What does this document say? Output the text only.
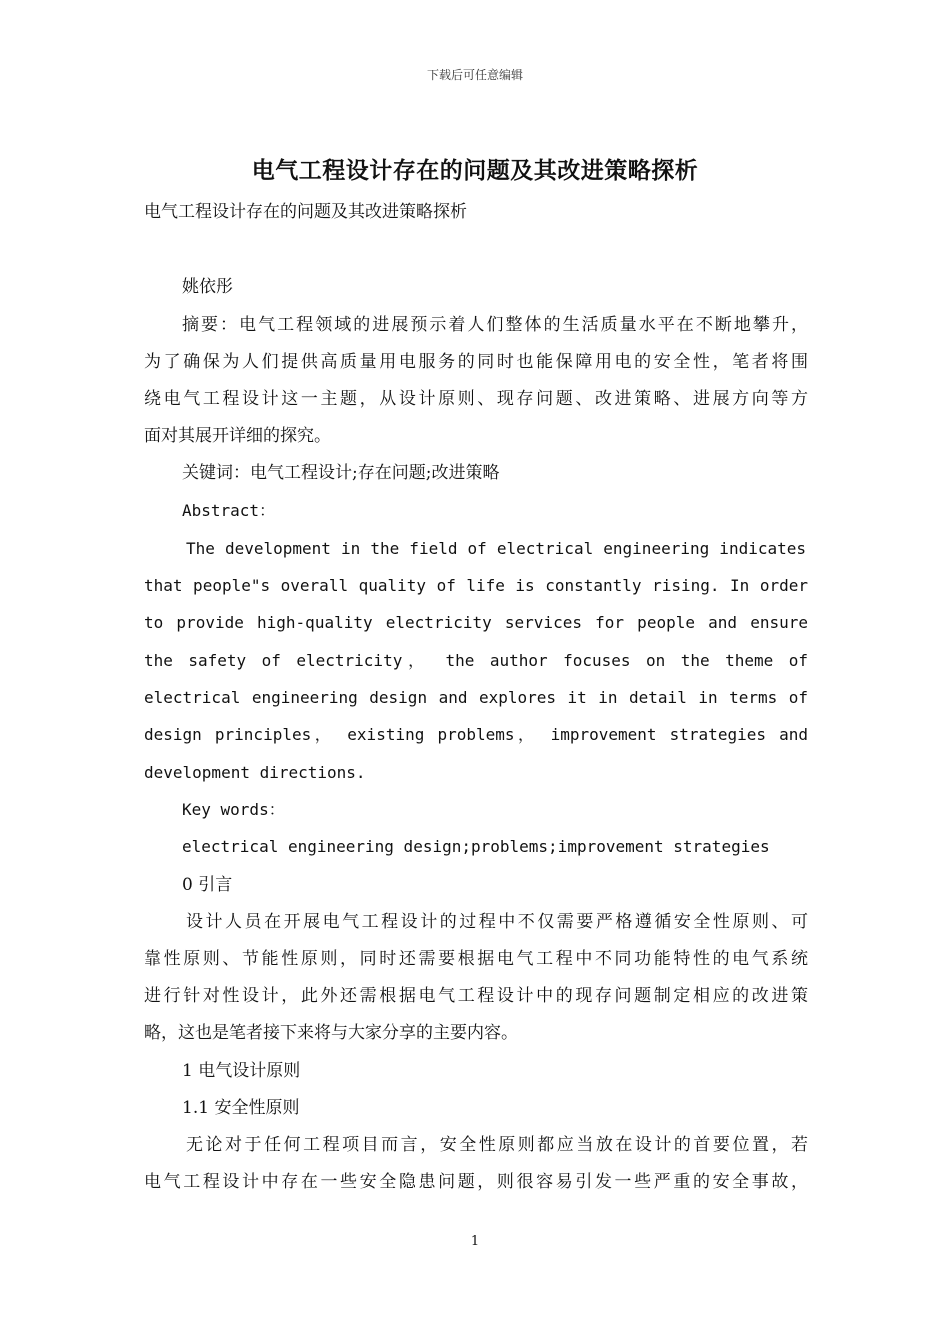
下载后可任意编辑
电气工程设计存在的问题及其改进策略探析
电气工程设计存在的问题及其改进策略探析
姚依彤
摘要：电气工程领域的进展预示着人们整体的生活质量水平在不断地攀升，
为了确保为人们提供高质量用电服务的同时也能保障用电的安全性，笔者将围
绕电气工程设计这一主题，从设计原则、现存问题、改进策略、进展方向等方
面对其展开详细的探究。
关键词：电气工程设计;存在问题;改进策略
Abstract：
The development in the field of electrical engineering indicates
that people"s overall quality of life is constantly rising. In order
to provide high-quality electricity services for people and ensure
the safety of electricity， the author focuses on the theme of
electrical engineering design and explores it in detail in terms of
design principles， existing problems， improvement strategies and
development directions.
Key words：
electrical engineering design;problems;improvement strategies
0 引言
设计人员在开展电气工程设计的过程中不仅需要严格遵循安全性原则、可
靠性原则、节能性原则，同时还需要根据电气工程中不同功能特性的电气系统
进行针对性设计，此外还需根据电气工程设计中的现存问题制定相应的改进策
略，这也是笔者接下来将与大家分享的主要内容。
1 电气设计原则
1.1 安全性原则
无论对于任何工程项目而言，安全性原则都应当放在设计的首要位置，若
电气工程设计中存在一些安全隐患问题，则很容易引发一些严重的安全事故，
1
